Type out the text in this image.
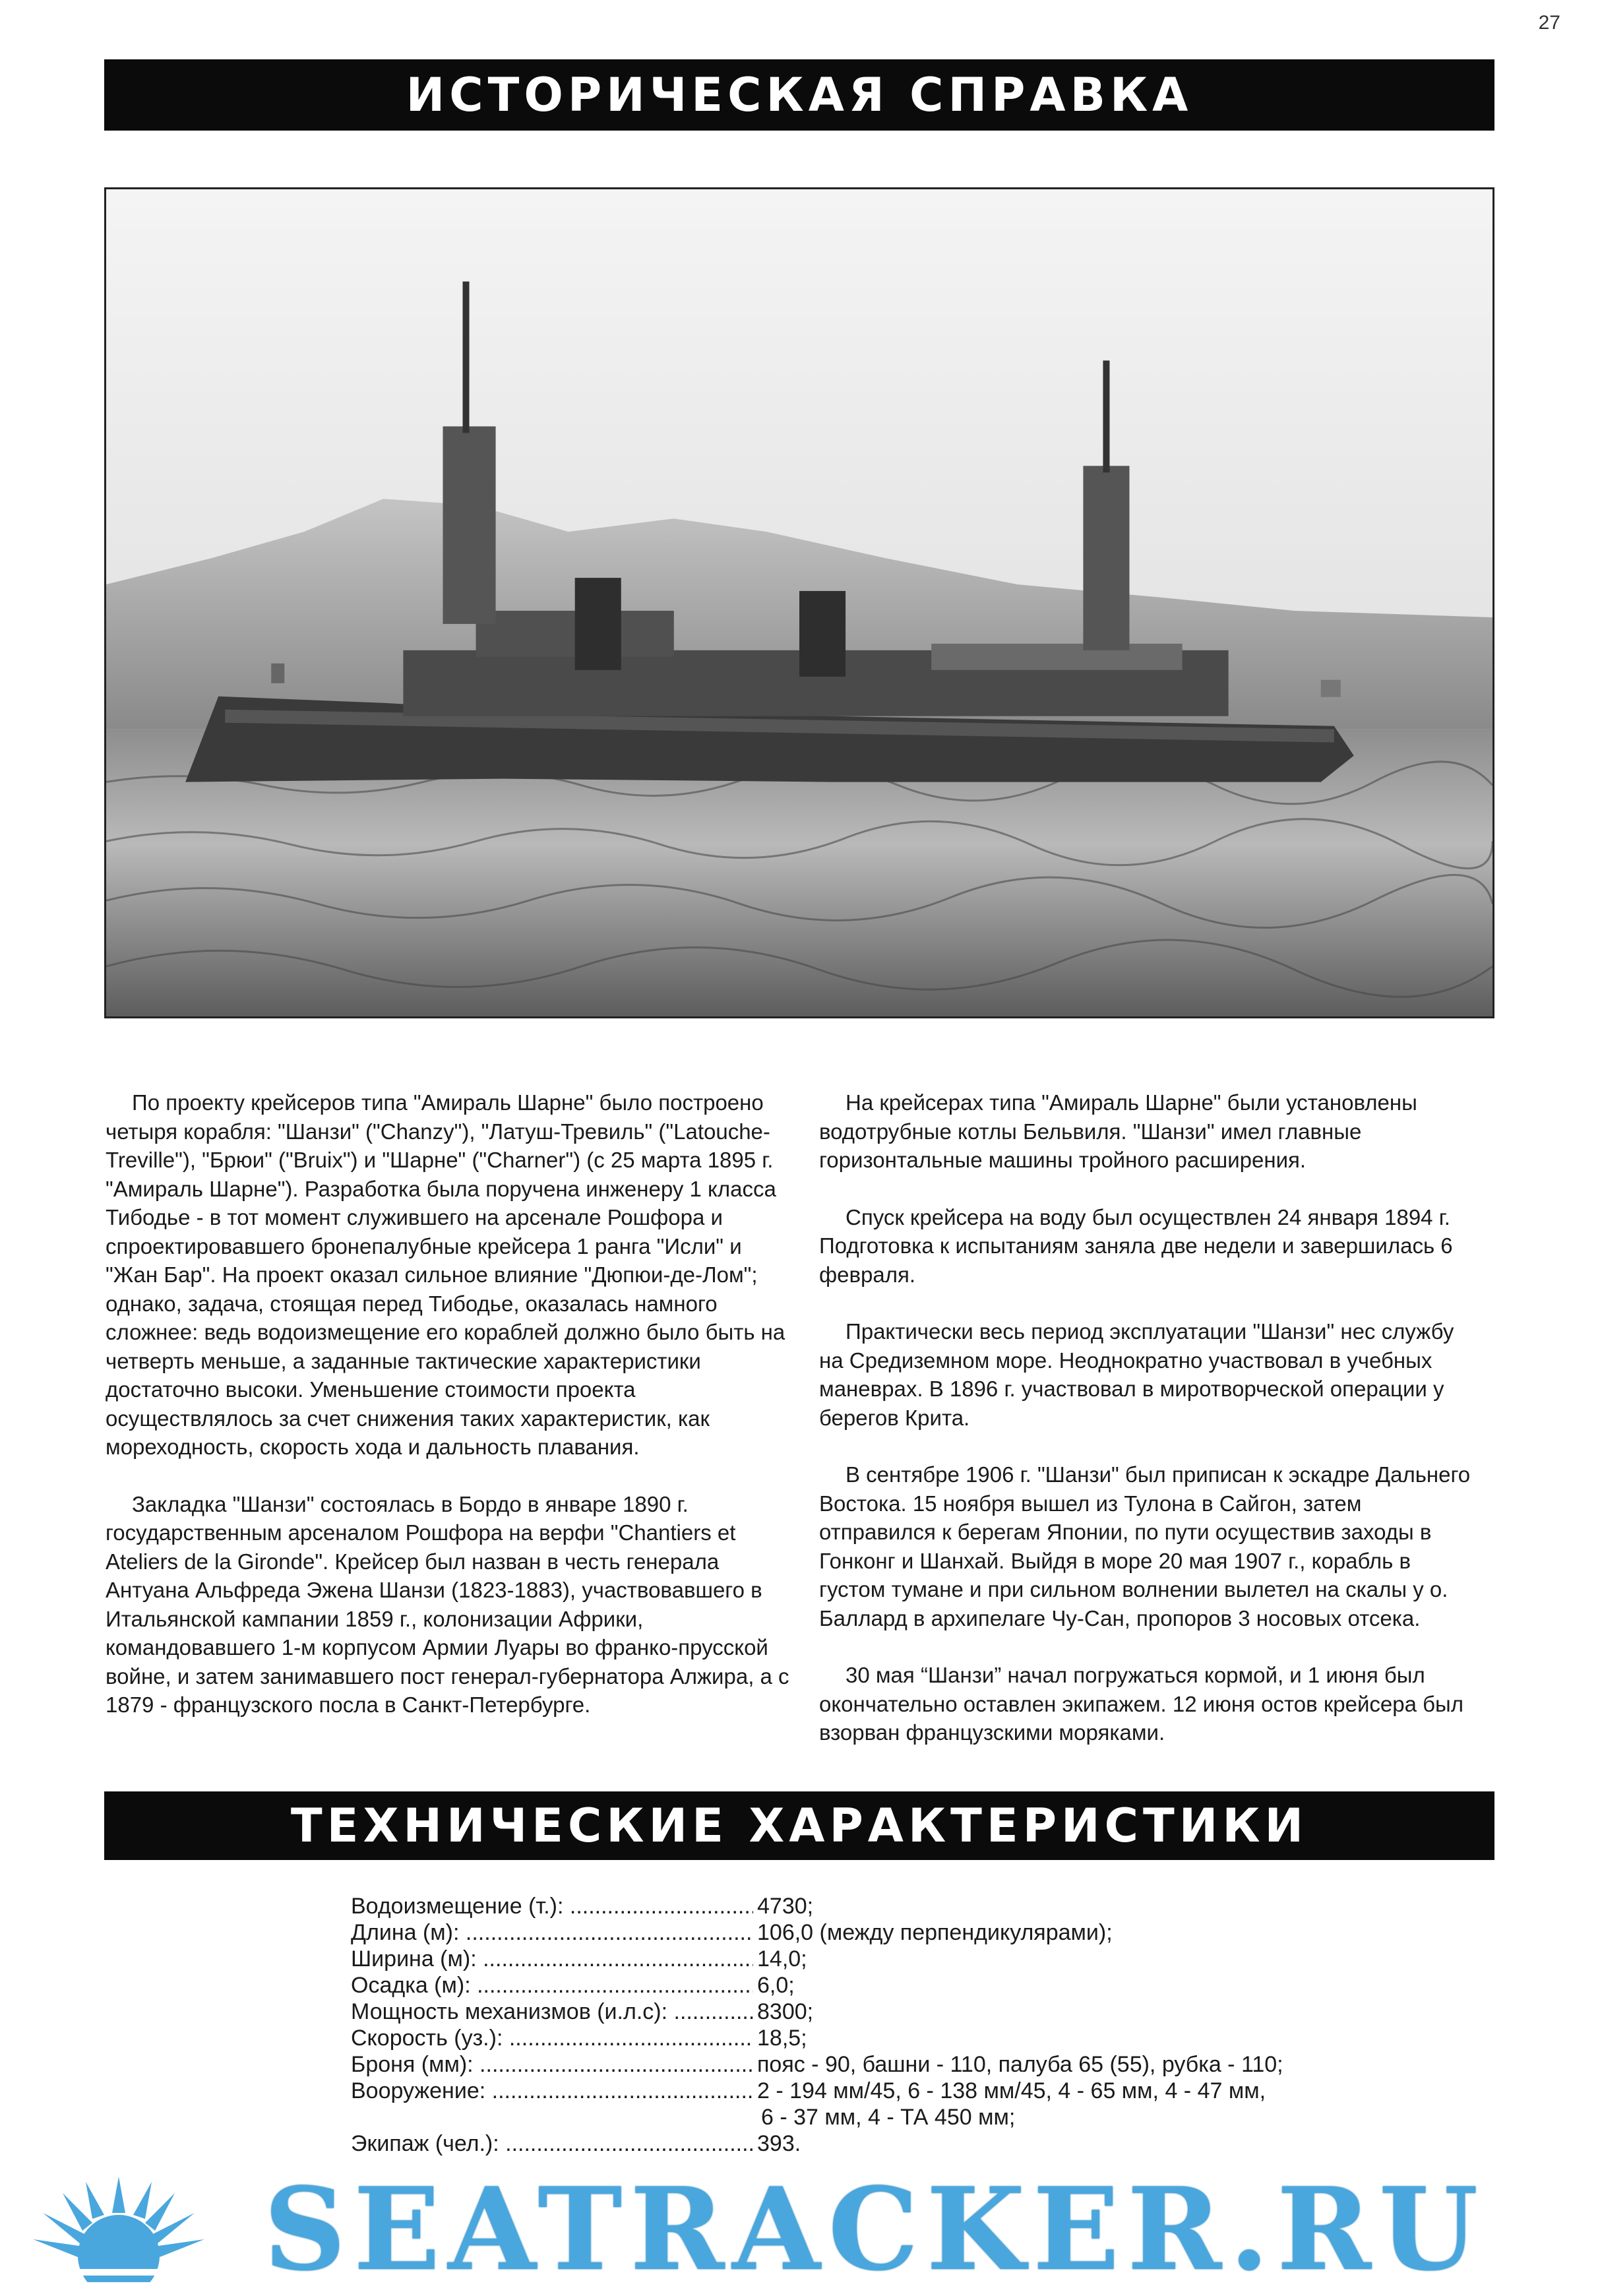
27
ИСТОРИЧЕСКАЯ СПРАВКА

По проекту крейсеров типа "Амираль Шарне" было построено четыря корабля: "Шанзи" ("Chanzy"), "Латуш-Тревиль" ("Latouche-Treville"), "Брюи" ("Bruix") и "Шарне" ("Charner") (с 25 марта 1895 г. "Амираль Шарне"). Разработка была поручена инженеру 1 класса Тибодье - в тот момент служившего на арсенале Рошфора и спроектировавшего бронепалубные крейсера 1 ранга "Исли" и "Жан Бар". На проект оказал сильное влияние "Дюпюи-де-Лом"; однако, задача, стоящая перед Тибодье, оказалась намного сложнее: ведь водоизмещение его кораблей должно было быть на четверть меньше, а заданные тактические характеристики достаточно высоки. Уменьшение стоимости проекта осуществлялось за счет снижения таких характеристик, как мореходность, скорость хода и дальность плавания.

Закладка "Шанзи" состоялась в Бордо в январе 1890 г. государственным арсеналом Рошфора на верфи "Chantiers et Ateliers de la Gironde". Крейсер был назван в честь генерала Антуана Альфреда Эжена Шанзи (1823-1883), участвовавшего в Итальянской кампании 1859 г., колонизации Африки, командовавшего 1-м корпусом Армии Луары во франко-прусской войне, и затем занимавшего пост генерал-губернатора Алжира, а с 1879 - французского посла в Санкт-Петербурге.

На крейсерах типа "Амираль Шарне" были установлены водотрубные котлы Бельвиля. "Шанзи" имел главные горизонтальные машины тройного расширения.

Спуск крейсера на воду был осуществлен 24 января 1894 г. Подготовка к испытаниям заняла две недели и завершилась 6 февраля.

Практически весь период эксплуатации "Шанзи" нес службу на Средиземном море. Неоднократно участвовал в учебных маневрах. В 1896 г. участвовал в миротворческой операции у берегов Крита.

В сентябре 1906 г. "Шанзи" был приписан к эскадре Дальнего Востока. 15 ноября вышел из Тулона в Сайгон, затем отправился к берегам Японии, по пути осуществив заходы в Гонконг и Шанхай. Выйдя в море 20 мая 1907 г., корабль в густом тумане и при сильном волнении вылетел на скалы у о. Баллард в архипелаге Чу-Сан, пропоров 3 носовых отсека.

30 мая “Шанзи” начал погружаться кормой, и 1 июня был окончательно оставлен экипажем. 12 июня остов крейсера был взорван французскими моряками.

ТЕХНИЧЕСКИЕ ХАРАКТЕРИСТИКИ
Водоизмещение (т.): .....	4730;
Длина (м): .....	106,0 (между перпендикулярами);
Ширина (м): .....	14,0;
Осадка (м): .....	6,0;
Мощность механизмов (и.л.с): .....	8300;
Скорость (уз.): .....	18,5;
Броня (мм): .....	пояс - 90, башни - 110, палуба 65 (55), рубка - 110;
Вооружение: .....	2 - 194 мм/45, 6 - 138 мм/45, 4 - 65 мм, 4 - 47 мм,
6 - 37 мм, 4 - ТА 450 мм;
Экипаж (чел.): .....	393.
SEATRACKER.RU
